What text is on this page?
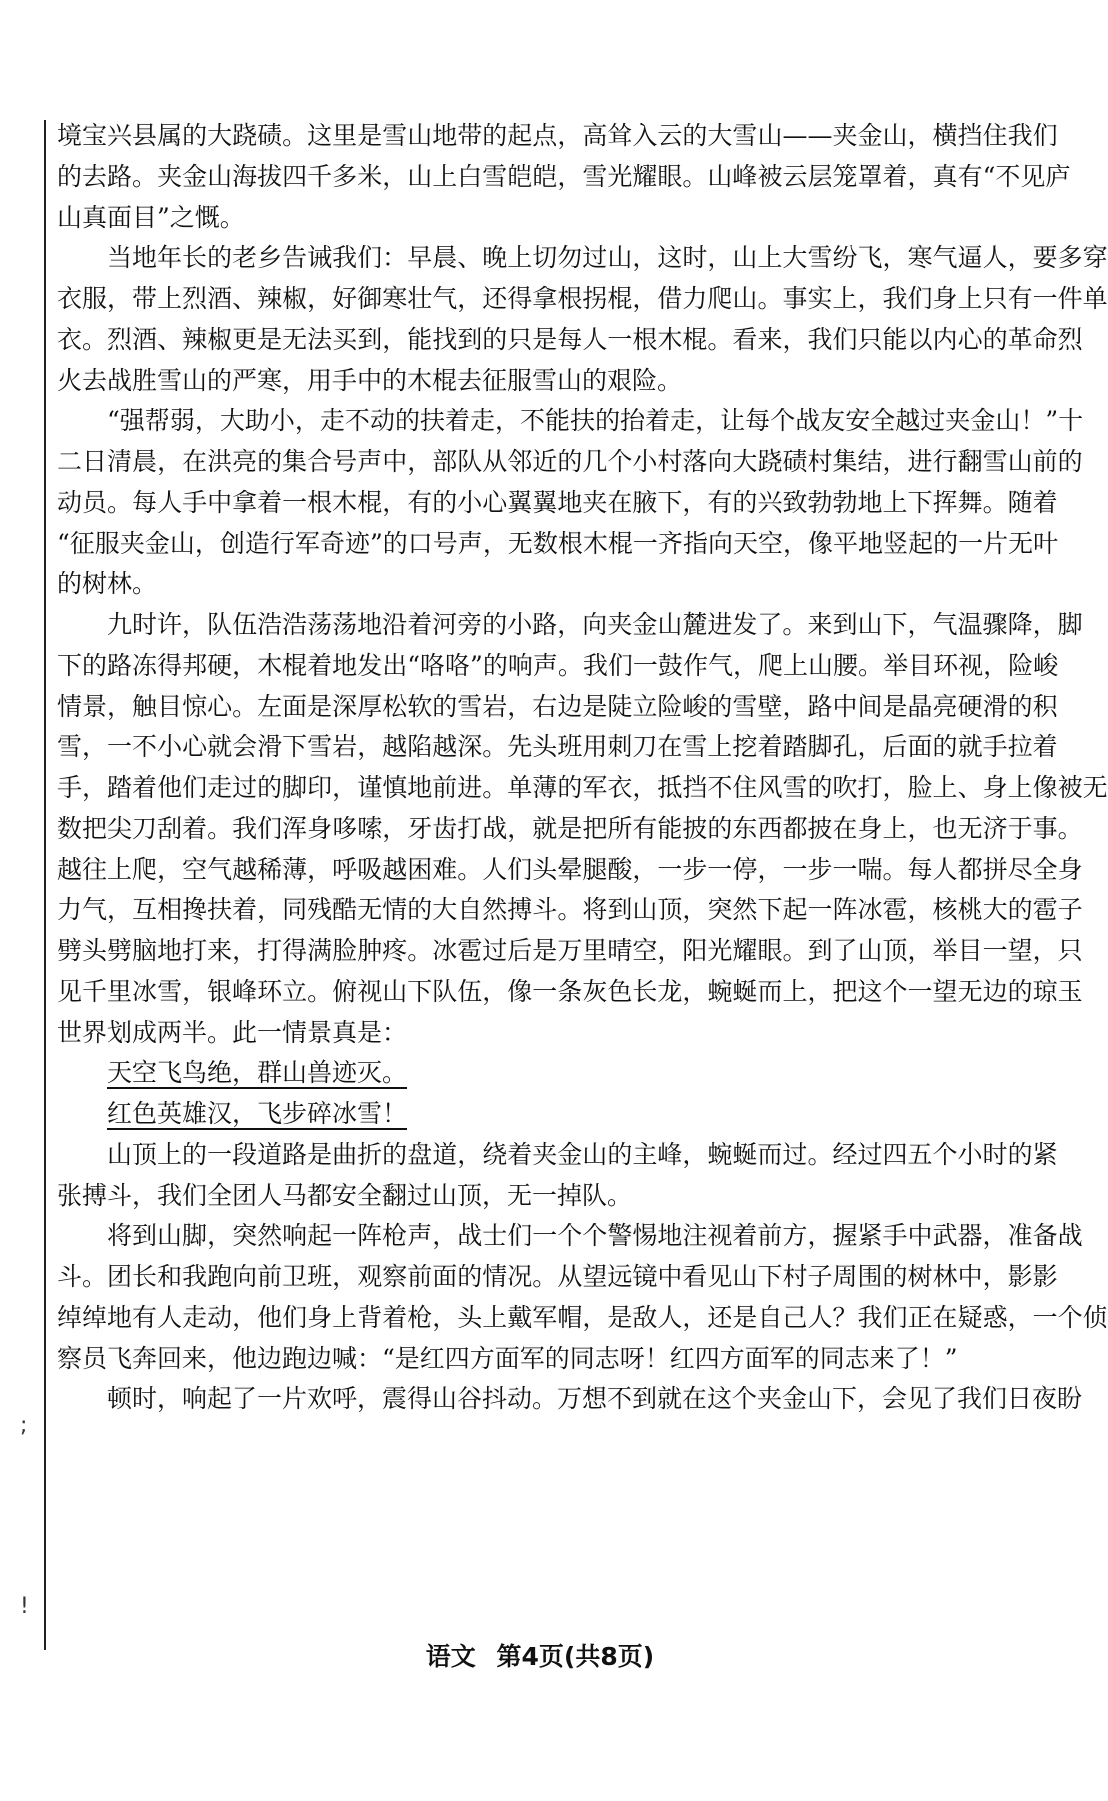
;
!
境 宝 兴 县 属 的 大 跷 碛 。 这 里 是 雪 山 地 带 的 起 点 ， 高 耸 入 云 的 大 雪 山 — — 夹 金 山 ， 横 挡 住 我 们
的 去 路 。 夹 金 山 海 拔 四 千 多 米 ， 山 上 白 雪 皑 皑 ， 雪 光 耀 眼 。 山 峰 被 云 层 笼 罩 着 ， 真 有 “ 不 见 庐
山真面目”之慨。
当 地 年 长 的 老 乡 告 诫 我 们 ： 早 晨 、 晚 上 切 勿 过 山 ， 这 时 ， 山 上 大 雪 纷 飞 ， 寒 气 逼 人 ， 要 多 穿
衣 服 ， 带 上 烈 酒 、 辣 椒 ， 好 御 寒 壮 气 ， 还 得 拿 根 拐 棍 ， 借 力 爬 山 。 事 实 上 ， 我 们 身 上 只 有 一 件 单
衣 。 烈 酒 、 辣 椒 更 是 无 法 买 到 ， 能 找 到 的 只 是 每 人 一 根 木 棍 。 看 来 ， 我 们 只 能 以 内 心 的 革 命 烈
火去战胜雪山的严寒，用手中的木棍去征服雪山的艰险。
“ 强 帮 弱 ， 大 助 小 ， 走 不 动 的 扶 着 走 ， 不 能 扶 的 抬 着 走 ， 让 每 个 战 友 安 全 越 过 夹 金 山 ！ ” 十
二 日 清 晨 ， 在 洪 亮 的 集 合 号 声 中 ， 部 队 从 邻 近 的 几 个 小 村 落 向 大 跷 碛 村 集 结 ， 进 行 翻 雪 山 前 的
动 员 。 每 人 手 中 拿 着 一 根 木 棍 ， 有 的 小 心 翼 翼 地 夹 在 腋 下 ， 有 的 兴 致 勃 勃 地 上 下 挥 舞 。 随 着
“ 征 服 夹 金 山 ， 创 造 行 军 奇 迹 ” 的 口 号 声 ， 无 数 根 木 棍 一 齐 指 向 天 空 ， 像 平 地 竖 起 的 一 片 无 叶
的树林。
九 时 许 ， 队 伍 浩 浩 荡 荡 地 沿 着 河 旁 的 小 路 ， 向 夹 金 山 麓 进 发 了 。 来 到 山 下 ， 气 温 骤 降 ， 脚
下 的 路 冻 得 邦 硬 ， 木 棍 着 地 发 出 “ 咯 咯 ” 的 响 声 。 我 们 一 鼓 作 气 ， 爬 上 山 腰 。 举 目 环 视 ， 险 峻
情 景 ， 触 目 惊 心 。 左 面 是 深 厚 松 软 的 雪 岩 ， 右 边 是 陡 立 险 峻 的 雪 壁 ， 路 中 间 是 晶 亮 硬 滑 的 积
雪 ， 一 不 小 心 就 会 滑 下 雪 岩 ， 越 陷 越 深 。 先 头 班 用 刺 刀 在 雪 上 挖 着 踏 脚 孔 ， 后 面 的 就 手 拉 着
手 ， 踏 着 他 们 走 过 的 脚 印 ， 谨 慎 地 前 进 。 单 薄 的 军 衣 ， 抵 挡 不 住 风 雪 的 吹 打 ， 脸 上 、 身 上 像 被 无
数 把 尖 刀 刮 着 。 我 们 浑 身 哆 嗦 ， 牙 齿 打 战 ， 就 是 把 所 有 能 披 的 东 西 都 披 在 身 上 ， 也 无 济 于 事 。
越 往 上 爬 ， 空 气 越 稀 薄 ， 呼 吸 越 困 难 。 人 们 头 晕 腿 酸 ， 一 步 一 停 ， 一 步 一 喘 。 每 人 都 拼 尽 全 身
力 气 ， 互 相 搀 扶 着 ， 同 残 酷 无 情 的 大 自 然 搏 斗 。 将 到 山 顶 ， 突 然 下 起 一 阵 冰 雹 ， 核 桃 大 的 雹 子
劈 头 劈 脑 地 打 来 ， 打 得 满 脸 肿 疼 。 冰 雹 过 后 是 万 里 晴 空 ， 阳 光 耀 眼 。 到 了 山 顶 ， 举 目 一 望 ， 只
见 千 里 冰 雪 ， 银 峰 环 立 。 俯 视 山 下 队 伍 ， 像 一 条 灰 色 长 龙 ， 蜿 蜒 而 上 ， 把 这 个 一 望 无 边 的 琼 玉
世界划成两半。此一情景真是：
天空飞鸟绝，群山兽迹灭。
红色英雄汉，飞步碎冰雪！
山 顶 上 的 一 段 道 路 是 曲 折 的 盘 道 ， 绕 着 夹 金 山 的 主 峰 ， 蜿 蜒 而 过 。 经 过 四 五 个 小 时 的 紧
张搏斗，我们全团人马都安全翻过山顶，无一掉队。
将 到 山 脚 ， 突 然 响 起 一 阵 枪 声 ， 战 士 们 一 个 个 警 惕 地 注 视 着 前 方 ， 握 紧 手 中 武 器 ， 准 备 战
斗 。 团 长 和 我 跑 向 前 卫 班 ， 观 察 前 面 的 情 况 。 从 望 远 镜 中 看 见 山 下 村 子 周 围 的 树 林 中 ， 影 影
绰 绰 地 有 人 走 动 ， 他 们 身 上 背 着 枪 ， 头 上 戴 军 帽 ， 是 敌 人 ， 还 是 自 己 人 ？ 我 们 正 在 疑 惑 ， 一 个 侦
察员飞奔回来，他边跑边喊：“是红四方面军的同志呀！红四方面军的同志来了！”
顿时，响起了一片欢呼，震得山谷抖动。万想不到就在这个夹金山下，会见了我们日夜盼
语文 第4页(共8页)
